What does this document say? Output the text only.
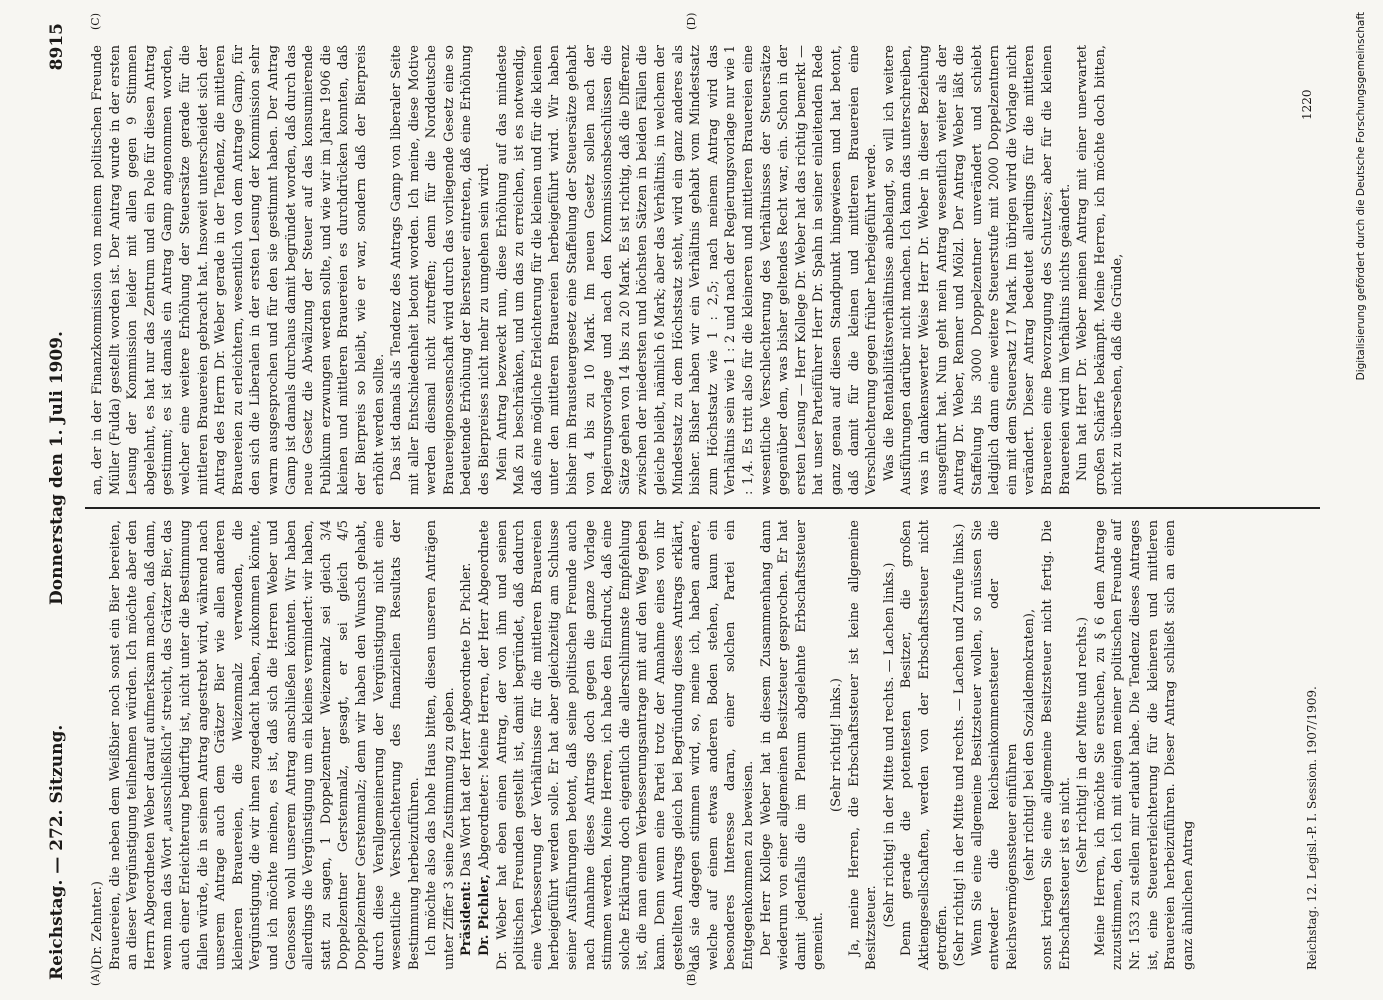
Reichstag. — 272. Sitzung.
Donnerstag den 1. Juli 1909.
8915
(A)	(B)
(C)	(D)

(Dr. Zehnter.) Brauereien, die neben dem Weißbier noch sonst ein Bier bereiten, an dieser Vergünstigung teilnehmen würden. Ich möchte aber den Herrn Abgeordneten Weber darauf aufmerksam machen, daß dann, wenn man das Wort „ausschließlich“ streicht, das Grätzer Bier, das auch einer Erleichterung bedürftig ist, nicht unter die Bestimmung fallen würde, die in seinem Antrag angestrebt wird, während nach unserem Antrage auch dem Grätzer Bier wie allen anderen kleineren Brauereien, die Weizenmalz verwenden, die Vergünstigung, die wir ihnen zugedacht haben, zukommen könnte, und ich möchte meinen, es ist, daß sich die Herren Weber und Genossen wohl unserem Antrag anschließen könnten. Wir haben allerdings die Vergünstigung um ein kleines vermindert: wir haben, statt zu sagen, 1 Doppelzentner Weizenmalz sei gleich 3/4 Doppelzentner Gerstenmalz, gesagt, er sei gleich 4/5 Doppelzentner Gerstenmalz; denn wir haben den Wunsch gehabt, durch diese Verallgemeinerung der Vergünstigung nicht eine wesentliche Verschlechterung des finanziellen Resultats der Bestimmung herbeizuführen. Ich möchte also das hohe Haus bitten, diesen unseren Anträgen unter Ziffer 3 seine Zustimmung zu geben. Präsident: Das Wort hat der Herr Abgeordnete Dr. Pichler.

Dr. Pichler, Abgeordneter: Meine Herren, der Herr Abgeordnete Dr. Weber hat eben einen Antrag, der von ihm und seinen politischen Freunden gestellt ist, damit begründet, daß dadurch eine Verbesserung der Verhältnisse für die mittleren Brauereien herbeigeführt werden solle. Er hat aber gleichzeitig am Schlusse seiner Ausführungen betont, daß seine politischen Freunde auch nach Annahme dieses Antrags doch gegen die ganze Vorlage stimmen werden. Meine Herren, ich habe den Eindruck, daß eine solche Erklärung doch eigentlich die allerschlimmste Empfehlung ist, die man einem Verbesserungsantrage mit auf den Weg geben kann. Denn wenn eine Partei trotz der Annahme eines von ihr gestellten Antrags gleich bei Begründung dieses Antrags erklärt, daß sie dagegen stimmen wird, so, meine ich, haben andere, welche auf einem etwas anderen Boden stehen, kaum ein besonderes Interesse daran, einer solchen Partei ein Entgegenkommen zu beweisen. Der Herr Kollege Weber hat in diesem Zusammenhang dann wiederum von einer allgemeinen Besitzsteuer gesprochen. Er hat damit jedenfalls die im Plenum abgelehnte Erbschaftssteuer gemeint.

(Sehr richtig! links.) Ja, meine Herren, die Erbschaftssteuer ist keine allgemeine Besitzsteuer.

(Sehr richtig! in der Mitte und rechts. — Lachen links.) Denn gerade die potentesten Besitzer, die großen Aktiengesellschaften, werden von der Erbschaftssteuer nicht getroffen. (Sehr richtig! in der Mitte und rechts. — Lachen und Zurufe links.) Wenn Sie eine allgemeine Besitzsteuer wollen, so müssen Sie entweder die Reichseinkommensteuer oder die Reichsvermögenssteuer einführen (sehr richtig! bei den Sozialdemokraten), sonst kriegen Sie eine allgemeine Besitzsteuer nicht fertig. Die Erbschaftssteuer ist es nicht.

(Sehr richtig! in der Mitte und rechts.) Meine Herren, ich möchte Sie ersuchen, zu § 6 dem Antrage zuzustimmen, den ich mit einigen meiner politischen Freunde auf Nr. 1533 zu stellen mir erlaubt habe. Die Tendenz dieses Antrages ist, eine Steuererleichterung für die kleineren und mittleren Brauereien herbeizuführen. Dieser Antrag schließt sich an einen ganz ähnlichen Antrag

an, der in der Finanzkommission von meinem politischen Freunde Müller (Fulda) gestellt worden ist. Der Antrag wurde in der ersten Lesung der Kommission leider mit allen gegen 9 Stimmen abgelehnt, es hat nur das Zentrum und ein Pole für diesen Antrag gestimmt; es ist damals ein Antrag Gamp angenommen worden, welcher eine weitere Erhöhung der Steuersätze gerade für die mittleren Brauereien gebracht hat. Insoweit unterscheidet sich der Antrag des Herrn Dr. Weber gerade in der Tendenz, die mittleren Brauereien zu erleichtern, wesentlich von dem Antrage Gamp, für den sich die Liberalen in der ersten Lesung der Kommission sehr warm ausgesprochen und für den sie gestimmt haben. Der Antrag Gamp ist damals durchaus damit begründet worden, daß durch das neue Gesetz die Abwälzung der Steuer auf das konsumierende Publikum erzwungen werden sollte, und wie wir im Jahre 1906 die kleinen und mittleren Brauereien es durchdrücken konnten, daß der Bierpreis so bleibt, wie er war, sondern daß der Bierpreis erhöht werden sollte. Das ist damals als Tendenz des Antrags Gamp von liberaler Seite mit aller Entschiedenheit betont worden. Ich meine, diese Motive werden diesmal nicht zutreffen; denn für die Norddeutsche Brauereigenossenschaft wird durch das vorliegende Gesetz eine so bedeutende Erhöhung der Biersteuer eintreten, daß eine Erhöhung des Bierpreises nicht mehr zu umgehen sein wird. Mein Antrag bezweckt nun, diese Erhöhung auf das mindeste Maß zu beschränken, und um das zu erreichen, ist es notwendig, daß eine mögliche Erleichterung für die kleinen und für die kleinen unter den mittleren Brauereien herbeigeführt wird. Wir haben bisher im Brausteuergesetz eine Staffelung der Steuersätze gehabt von 4 bis zu 10 Mark. Im neuen Gesetz sollen nach der Regierungsvorlage und nach den Kommissionsbeschlüssen die Sätze gehen von 14 bis zu 20 Mark. Es ist richtig, daß die Differenz zwischen der niedersten und höchsten Sätzen in beiden Fällen die gleiche bleibt, nämlich 6 Mark; aber das Verhältnis, in welchem der Mindestsatz zu dem Höchstsatz steht, wird ein ganz anderes als bisher. Bisher haben wir ein Verhältnis gehabt vom Mindestsatz zum Höchstsatz wie 1 : 2,5; nach meinem Antrag wird das Verhältnis sein wie 1 : 2 und nach der Regierungsvorlage nur wie 1 : 1,4. Es tritt also für die kleineren und mittleren Brauereien eine wesentliche Verschlechterung des Verhältnisses der Steuersätze gegenüber dem, was bisher geltendes Recht war, ein. Schon in der ersten Lesung — Herr Kollege Dr. Weber hat das richtig bemerkt — hat unser Parteiführer Herr Dr. Spahn in seiner einleitenden Rede ganz genau auf diesen Standpunkt hingewiesen und hat betont, daß damit für die kleinen und mittleren Brauereien eine Verschlechterung gegen früher herbeigeführt werde. Was die Rentabilitätsverhältnisse anbelangt, so will ich weitere Ausführungen darüber nicht machen. Ich kann das unterschreiben, was in dankenswerter Weise Herr Dr. Weber in dieser Beziehung ausgeführt hat. Nun geht mein Antrag wesentlich weiter als der Antrag Dr. Weber, Renner und Mölzl. Der Antrag Weber läßt die Staffelung bis 3000 Doppelzentner unverändert und schiebt lediglich dann eine weitere Steuerstufe mit 2000 Doppelzentnern ein mit dem Steuersatz 17 Mark. Im übrigen wird die Vorlage nicht verändert. Dieser Antrag bedeutet allerdings für die mittleren Brauereien eine Bevorzugung des Schutzes; aber für die kleinen Brauereien wird im Verhältnis nichts geändert. Nun hat Herr Dr. Weber meinen Antrag mit einer unerwartet großen Schärfe bekämpft. Meine Herren, ich möchte doch bitten, nicht zu übersehen, daß die Gründe,

Reichstag. 12. Legisl.-P. I. Session. 1907/1909.
1220	Digitalisierung gefördert durch die Deutsche Forschungsgemeinschaft
